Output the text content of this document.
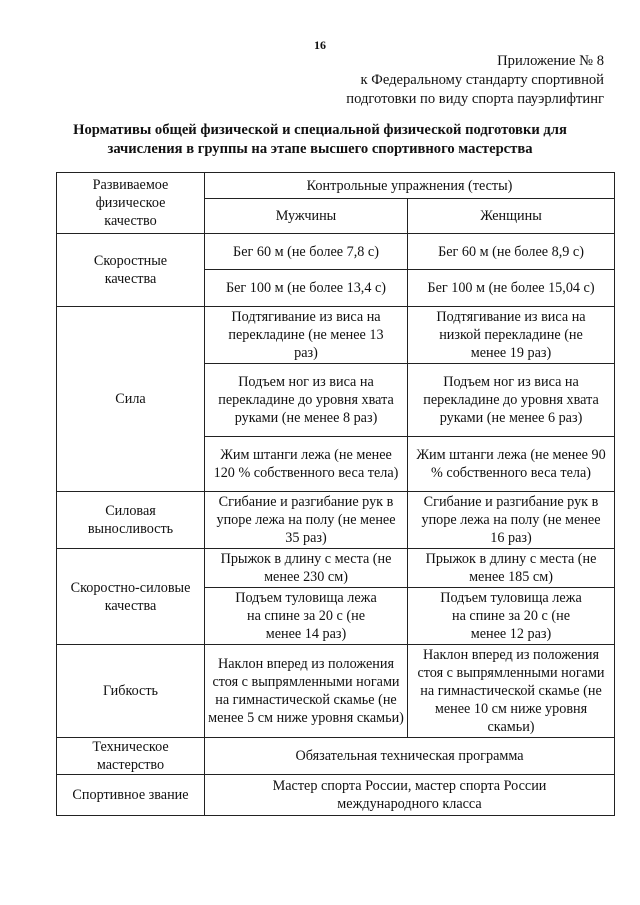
16
Приложение № 8
к Федеральному стандарту спортивной
подготовки по виду спорта пауэрлифтинг
Нормативы общей физической и специальной физической подготовки для
зачисления в группы на этапе высшего спортивного мастерства
Развиваемое физическое качество	Контрольные упражнения (тесты)	
	Мужчины	Женщины
Скоростные качества	Бег 60 м (не более 7,8 с)	Бег 60 м (не более 8,9 с)
	Бег 100 м (не более 13,4 с)	Бег 100 м (не более 15,04 с)
Сила	Подтягивание из виса на перекладине (не менее 13 раз)	Подтягивание из виса на низкой перекладине (не менее 19 раз)
	Подъем ног из виса на перекладине до уровня хвата руками (не менее 8 раз)	Подъем ног из виса на перекладине до уровня хвата руками (не менее 6 раз)
	Жим штанги лежа (не менее 120 % собственного веса тела)	Жим штанги лежа (не менее 90 % собственного веса тела)
Силовая выносливость	Сгибание и разгибание рук в упоре лежа на полу (не менее 35 раз)	Сгибание и разгибание рук в упоре лежа на полу (не менее 16 раз)
Скоростно-силовые качества	Прыжок в длину с места (не менее 230 см)	Прыжок в длину с места (не менее 185 см)
	Подъем туловища лежа на спине за 20 с (не менее 14 раз)	Подъем туловища лежа на спине за 20 с (не менее 12 раз)
Гибкость	Наклон вперед из положения стоя с выпрямленными ногами на гимнастической скамье (не менее 5 см ниже уровня скамьи)	Наклон вперед из положения стоя с выпрямленными ногами на гимнастической скамье (не менее 10 см ниже уровня скамьи)
Техническое мастерство	Обязательная техническая программа	
Спортивное звание	Мастер спорта России, мастер спорта России международного класса	
